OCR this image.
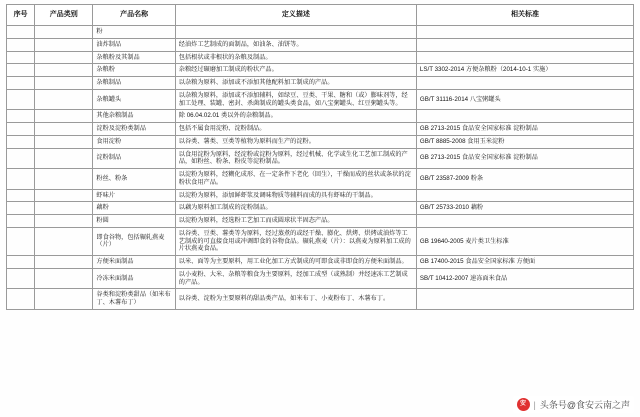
序号	产品类别	产品名称	定义描述	相关标准
		粉		
		油炸制品	经油炸工艺制成的面制品，如油条、油饼等。	
		杂粮粉及其制品	包括根状或非根状的杂粮及制品。	
		杂粮粉	杂粮经过碾磨加工制成的粉状产品。	LS/T 3302-2014 方便杂粮粉（2014-10-1 实施）
		杂粮制品	以杂粮为原料、添加或不添加其他配料加工制成的产品。	
		杂粮罐头	以杂粮为原料，添加或不添加辅料，如绿豆、豆类、干果、糖和（或）膨味剂等，经加工处理、装罐、密封、杀菌制成的罐头类食品，如八宝粥罐头、红豆粥罐头等。	GB/T 31116-2014 八宝粥罐头
		其他杂粮制品	除 06.04.02.01 类以外的杂粮制品。	
		淀粉及淀粉类制品	包括不属食用淀粉、淀粉制品。	GB 2713-2015 食品安全国家标准 淀粉制品
		食用淀粉	以谷类、薯类、豆类等植物为原料而生产的淀粉。	GB/T 8885-2008 食用玉米淀粉
		淀粉制品	以食用淀粉为原料，经淀粉或淀粉为原料，经过机械、化学或生化工艺加工制成的产品，如粉丝、粉条、粉皮等淀粉制品。	GB 2713-2015 食品安全国家标准 淀粉制品
		粉丝、粉条	以淀粉为原料，经糊化成形、在一定条件下老化（回生），干燥而成的丝状或条状的淀粉状食用产品。	GB/T 23587-2009 粉条
		虾味片	以淀粉为原料，添加鲜虾浆及调味物质等辅料而成的具有虾味的干制品。	
		藕粉	以藕为原料加工制成的淀粉制品。	GB/T 25733-2010 藕粉
		粉圆	以淀粉为原料，经选粉工艺加工而成圆球状半固态产品。	
		即食谷物，包括辗轧燕麦（片）	以谷类、豆类、薯类等为原料，经过蒸煮的或经干燥、膨化、烘烤、烘烤或油炸等工艺制成的可直接食用或冲调即食的谷物食品。辗轧燕麦（片）：以燕麦为原料加工成的片状燕麦食品。	GB 19640-2005 麦片类卫生标准
		方便米面制品	以米、面等为主要原料，用工业化加工方式制成的可即食或非即食的方便米面制品。	GB 17400-2015 食品安全国家标准 方便面
		冷冻米面制品	以小麦粉、大米、杂粮等粮食为主要原料，经加工成型（或熟制）并经速冻工艺制成的产品。	SB/T 10412-2007 速冻面米食品
		谷类和淀粉类甜品（如米布丁、木薯布丁）	以谷类、淀粉为主要原料的甜品类产品，如米布丁、小麦粉布丁、木薯布丁。	
安 | 头条号@食安云南之声
